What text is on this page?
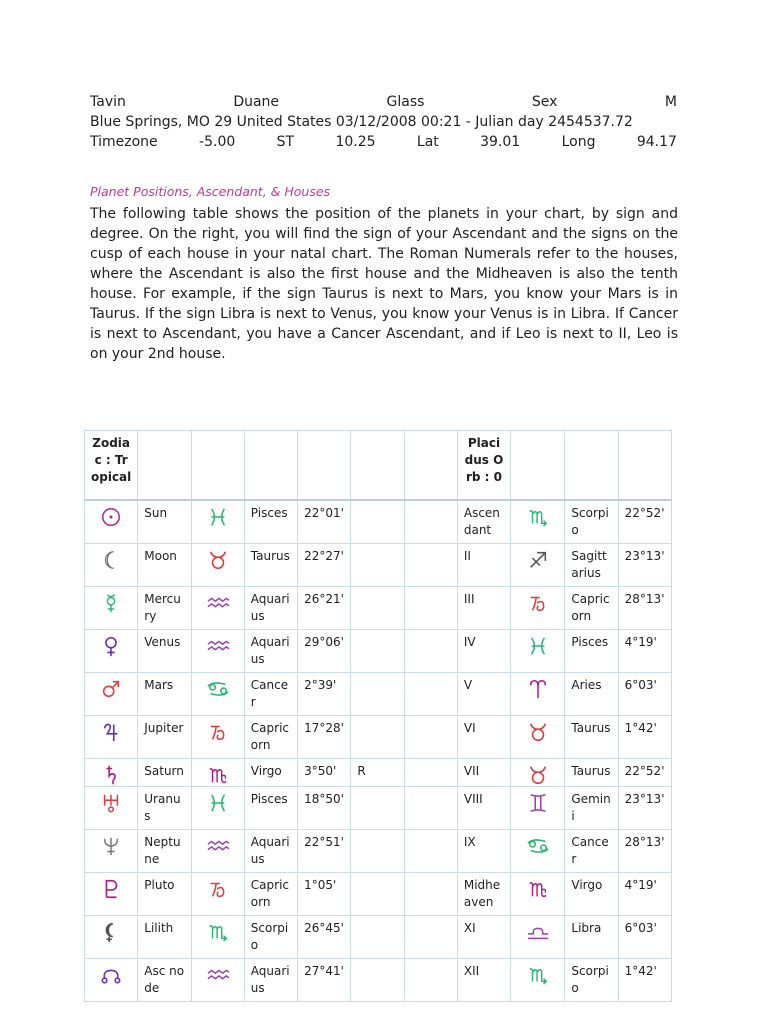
Tavin	Duane	Glass	Sex	M
Blue Springs, MO 29 United States 03/12/2008 00:21 - Julian day 2454537.72
Timezone	-5.00	ST	10.25	Lat	39.01	Long	94.17
Planet Positions, Ascendant, & Houses
The following table shows the position of the planets in your chart, by sign and degree. On the right, you will find the sign of your Ascendant and the signs on the cusp of each house in your natal chart. The Roman Numerals refer to the houses, where the Ascendant is also the first house and the Midheaven is also the tenth house. For example, if the sign Taurus is next to Mars, you know your Mars is in Taurus. If the sign Libra is next to Venus, you know your Venus is in Libra. If Cancer is next to Ascendant, you have a Cancer Ascendant, and if Leo is next to II, Leo is on your 2nd house.
Zodiac : Tropical							Placidus Orb : 0			

	Sun		Pisces	22°01'			Ascendant		Scorpio	22°52'

	Moon		Taurus	22°27'			II		Sagittarius	23°13'

	Mercury		Aquarius	26°21'			III		Capricorn	28°13'

	Venus		Aquarius	29°06'			IV		Pisces	4°19'

	Mars		Cancer	2°39'			V		Aries	6°03'

	Jupiter		Capricorn	17°28'			VI		Taurus	1°42'

	Saturn		Virgo	3°50'	R		VII		Taurus	22°52'

	Uranus		Pisces	18°50'			VIII		Gemini	23°13'

	Neptune		Aquarius	22°51'			IX		Cancer	28°13'

	Pluto		Capricorn	1°05'			Midheaven		Virgo	4°19'

	Lilith		Scorpio	26°45'			XI		Libra	6°03'

	Asc node		Aquarius	27°41'			XII		Scorpio	1°42'
